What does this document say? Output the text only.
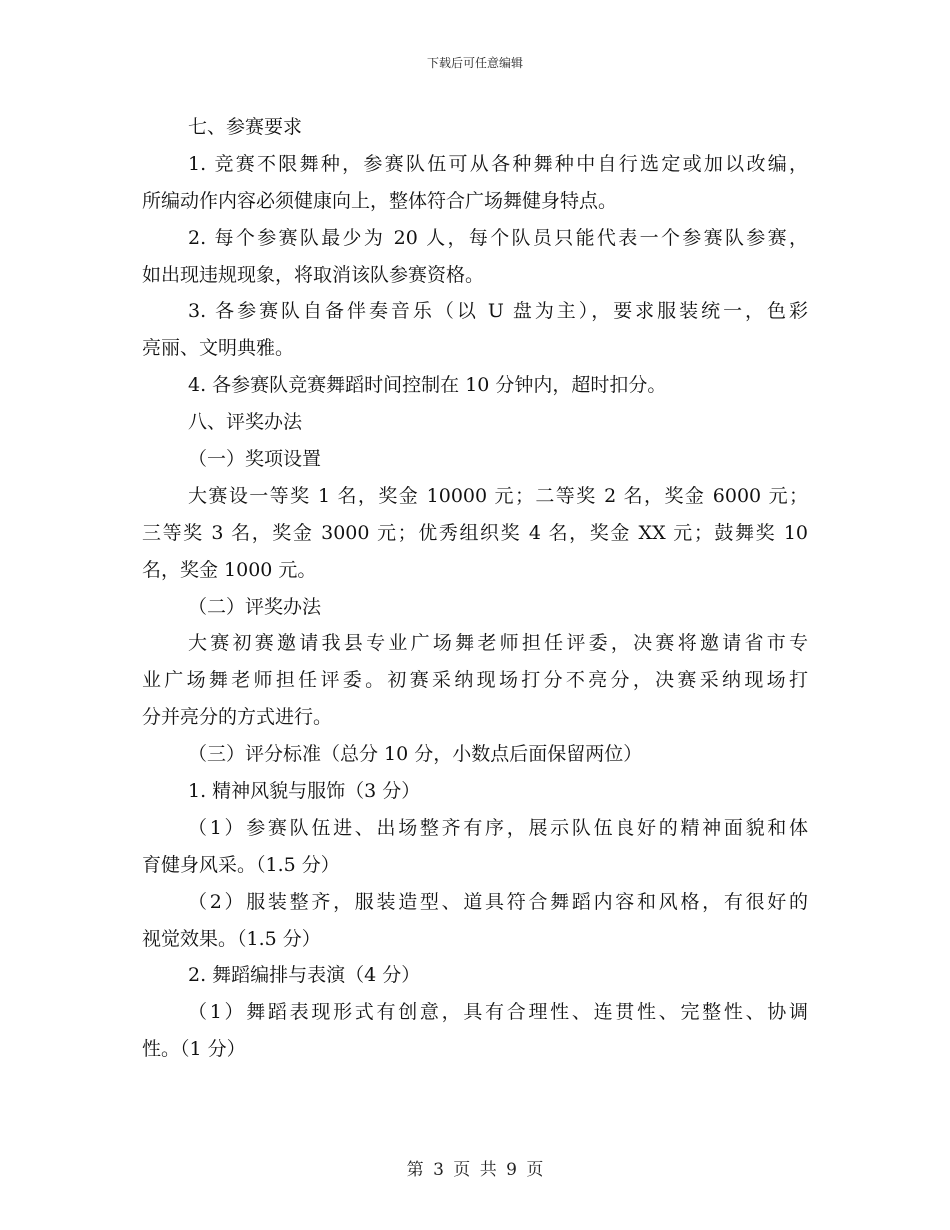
下载后可任意编辑
七、参赛要求
1. 竞赛不限舞种，参赛队伍可从各种舞种中自行选定或加以改编，
所编动作内容必须健康向上，整体符合广场舞健身特点。
2. 每个参赛队最少为 20 人，每个队员只能代表一个参赛队参赛，
如出现违规现象，将取消该队参赛资格。
3. 各参赛队自备伴奏音乐（以 U 盘为主），要求服装统一，色彩
亮丽、文明典雅。
4. 各参赛队竞赛舞蹈时间控制在 10 分钟内，超时扣分。
八、评奖办法
（一）奖项设置
大赛设一等奖 1 名，奖金 10000 元；二等奖 2 名，奖金 6000 元；
三等奖 3 名，奖金 3000 元；优秀组织奖 4 名，奖金 XX 元；鼓舞奖 10
名，奖金 1000 元。
（二）评奖办法
大赛初赛邀请我县专业广场舞老师担任评委，决赛将邀请省市专
业广场舞老师担任评委。初赛采纳现场打分不亮分，决赛采纳现场打
分并亮分的方式进行。
（三）评分标准（总分 10 分，小数点后面保留两位）
1. 精神风貌与服饰（3 分）
（1）参赛队伍进、出场整齐有序，展示队伍良好的精神面貌和体
育健身风采。（1.5 分）
（2）服装整齐，服装造型、道具符合舞蹈内容和风格，有很好的
视觉效果。（1.5 分）
2. 舞蹈编排与表演（4 分）
（1）舞蹈表现形式有创意，具有合理性、连贯性、完整性、协调
性。（1 分）
第 3 页 共 9 页
